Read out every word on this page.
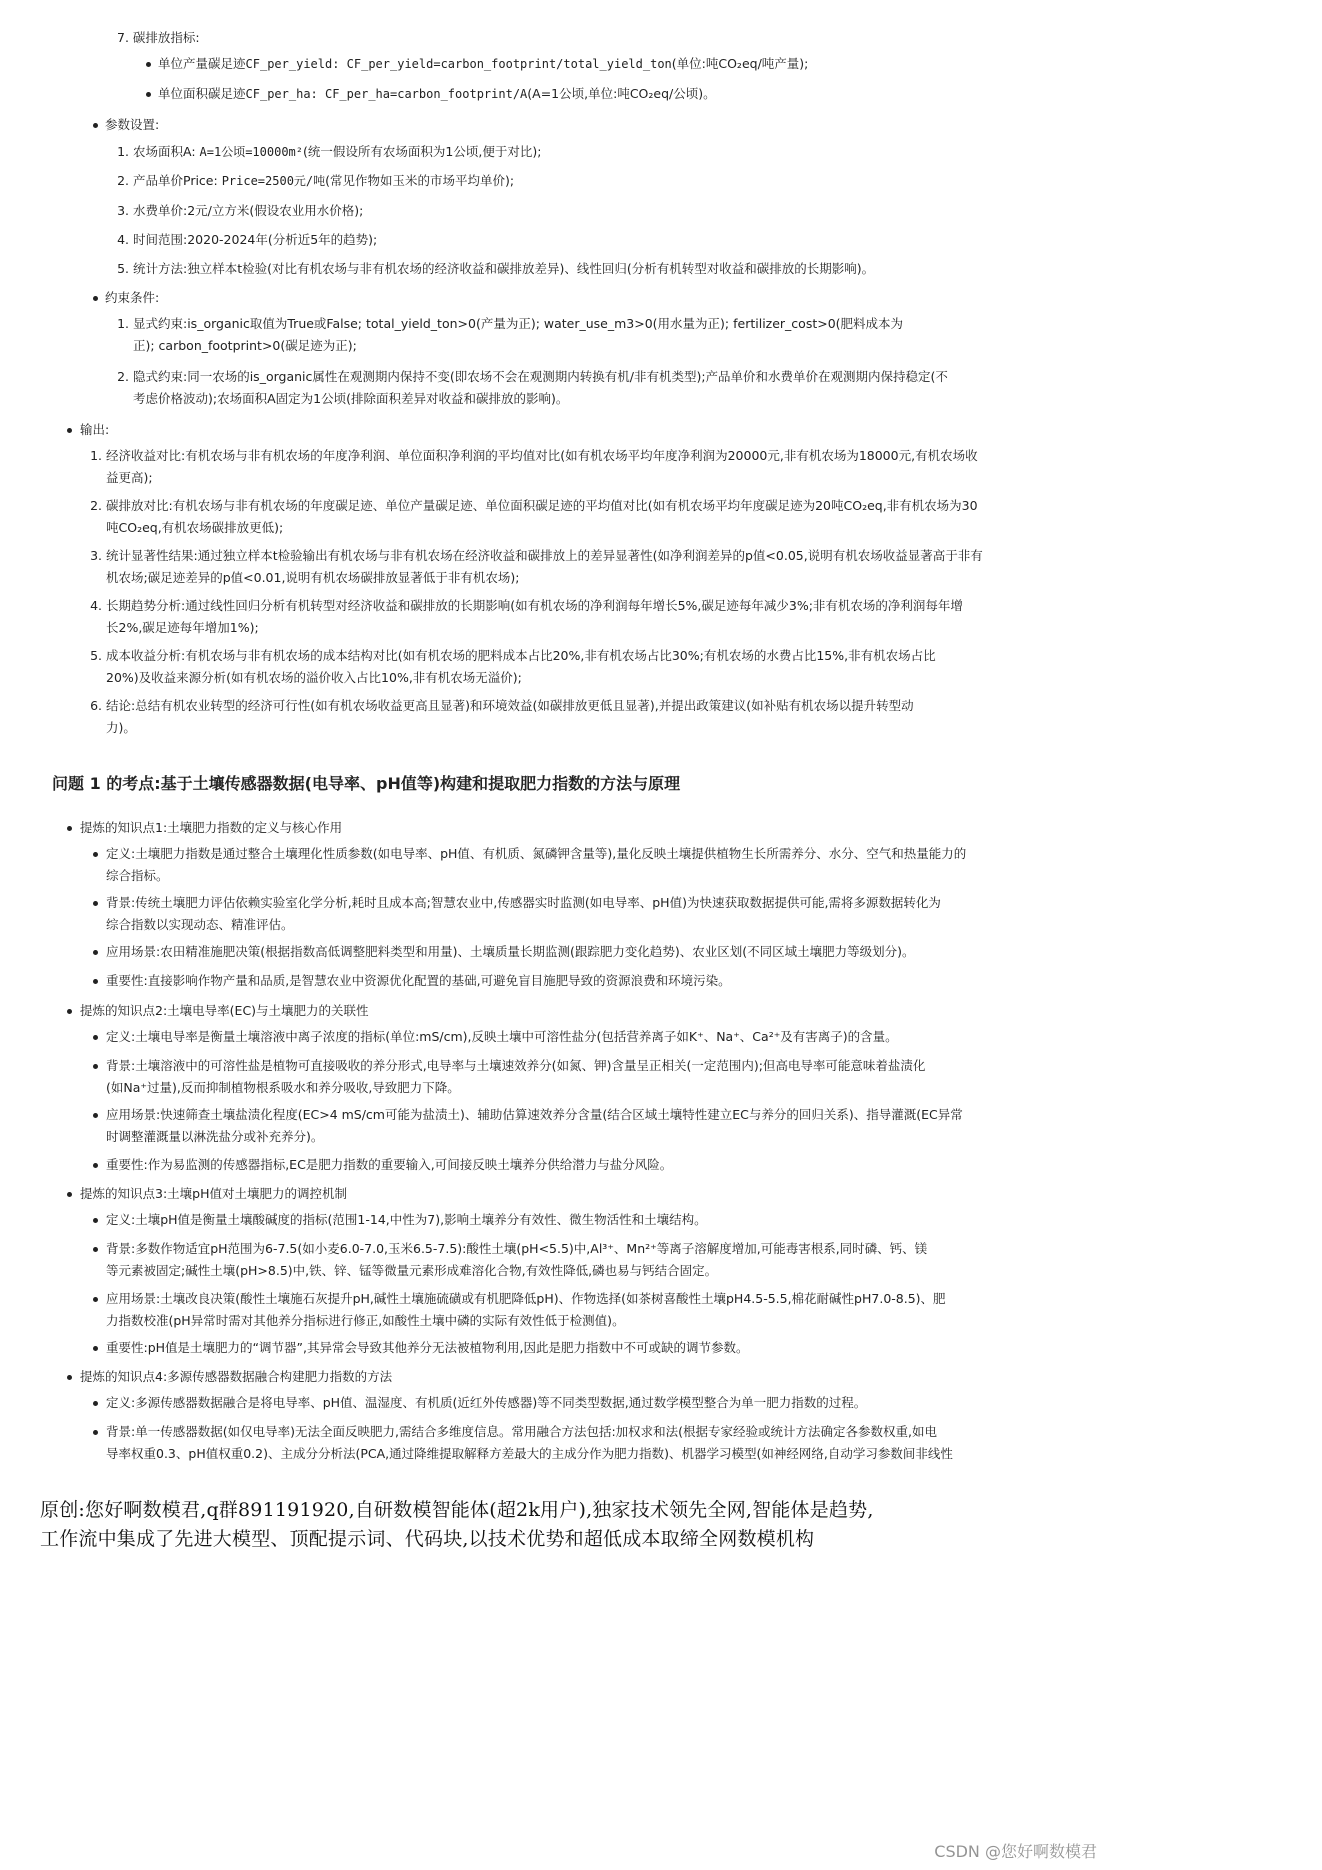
7. 碳排放指标:
单位产量碳足迹CF_per_yield: CF_per_yield=carbon_footprint/total_yield_ton(单位:吨CO₂eq/吨产量);
单位面积碳足迹CF_per_ha: CF_per_ha=carbon_footprint/A(A=1公顷,单位:吨CO₂eq/公顷)。
参数设置:
1. 农场面积A: A=1公顷=10000m²(统一假设所有农场面积为1公顷,便于对比);
2. 产品单价Price: Price=2500元/吨(常见作物如玉米的市场平均单价);
3. 水费单价:2元/立方米(假设农业用水价格);
4. 时间范围:2020-2024年(分析近5年的趋势);
5. 统计方法:独立样本t检验(对比有机农场与非有机农场的经济收益和碳排放差异)、线性回归(分析有机转型对收益和碳排放的长期影响)。
约束条件:
1. 显式约束:is_organic取值为True或False; total_yield_ton>0(产量为正); water_use_m3>0(用水量为正); fertilizer_cost>0(肥料成本为
正); carbon_footprint>0(碳足迹为正);
2. 隐式约束:同一农场的is_organic属性在观测期内保持不变(即农场不会在观测期内转换有机/非有机类型);产品单价和水费单价在观测期内保持稳定(不
考虑价格波动);农场面积A固定为1公顷(排除面积差异对收益和碳排放的影响)。
输出:
1. 经济收益对比:有机农场与非有机农场的年度净利润、单位面积净利润的平均值对比(如有机农场平均年度净利润为20000元,非有机农场为18000元,有机农场收
益更高);
2. 碳排放对比:有机农场与非有机农场的年度碳足迹、单位产量碳足迹、单位面积碳足迹的平均值对比(如有机农场平均年度碳足迹为20吨CO₂eq,非有机农场为30
吨CO₂eq,有机农场碳排放更低);
3. 统计显著性结果:通过独立样本t检验输出有机农场与非有机农场在经济收益和碳排放上的差异显著性(如净利润差异的p值<0.05,说明有机农场收益显著高于非有
机农场;碳足迹差异的p值<0.01,说明有机农场碳排放显著低于非有机农场);
4. 长期趋势分析:通过线性回归分析有机转型对经济收益和碳排放的长期影响(如有机农场的净利润每年增长5%,碳足迹每年减少3%;非有机农场的净利润每年增
长2%,碳足迹每年增加1%);
5. 成本收益分析:有机农场与非有机农场的成本结构对比(如有机农场的肥料成本占比20%,非有机农场占比30%;有机农场的水费占比15%,非有机农场占比
20%)及收益来源分析(如有机农场的溢价收入占比10%,非有机农场无溢价);
6. 结论:总结有机农业转型的经济可行性(如有机农场收益更高且显著)和环境效益(如碳排放更低且显著),并提出政策建议(如补贴有机农场以提升转型动
力)。
问题 1 的考点:基于土壤传感器数据(电导率、pH值等)构建和提取肥力指数的方法与原理
提炼的知识点1:土壤肥力指数的定义与核心作用
定义:土壤肥力指数是通过整合土壤理化性质参数(如电导率、pH值、有机质、氮磷钾含量等),量化反映土壤提供植物生长所需养分、水分、空气和热量能力的
综合指标。
背景:传统土壤肥力评估依赖实验室化学分析,耗时且成本高;智慧农业中,传感器实时监测(如电导率、pH值)为快速获取数据提供可能,需将多源数据转化为
综合指数以实现动态、精准评估。
应用场景:农田精准施肥决策(根据指数高低调整肥料类型和用量)、土壤质量长期监测(跟踪肥力变化趋势)、农业区划(不同区域土壤肥力等级划分)。
重要性:直接影响作物产量和品质,是智慧农业中资源优化配置的基础,可避免盲目施肥导致的资源浪费和环境污染。
提炼的知识点2:土壤电导率(EC)与土壤肥力的关联性
定义:土壤电导率是衡量土壤溶液中离子浓度的指标(单位:mS/cm),反映土壤中可溶性盐分(包括营养离子如K⁺、Na⁺、Ca²⁺及有害离子)的含量。
背景:土壤溶液中的可溶性盐是植物可直接吸收的养分形式,电导率与土壤速效养分(如氮、钾)含量呈正相关(一定范围内);但高电导率可能意味着盐渍化
(如Na⁺过量),反而抑制植物根系吸水和养分吸收,导致肥力下降。
应用场景:快速筛查土壤盐渍化程度(EC>4 mS/cm可能为盐渍土)、辅助估算速效养分含量(结合区域土壤特性建立EC与养分的回归关系)、指导灌溉(EC异常
时调整灌溉量以淋洗盐分或补充养分)。
重要性:作为易监测的传感器指标,EC是肥力指数的重要输入,可间接反映土壤养分供给潜力与盐分风险。
提炼的知识点3:土壤pH值对土壤肥力的调控机制
定义:土壤pH值是衡量土壤酸碱度的指标(范围1-14,中性为7),影响土壤养分有效性、微生物活性和土壤结构。
背景:多数作物适宜pH范围为6-7.5(如小麦6.0-7.0,玉米6.5-7.5):酸性土壤(pH<5.5)中,Al³⁺、Mn²⁺等离子溶解度增加,可能毒害根系,同时磷、钙、镁
等元素被固定;碱性土壤(pH>8.5)中,铁、锌、锰等微量元素形成难溶化合物,有效性降低,磷也易与钙结合固定。
应用场景:土壤改良决策(酸性土壤施石灰提升pH,碱性土壤施硫磺或有机肥降低pH)、作物选择(如茶树喜酸性土壤pH4.5-5.5,棉花耐碱性pH7.0-8.5)、肥
力指数校准(pH异常时需对其他养分指标进行修正,如酸性土壤中磷的实际有效性低于检测值)。
重要性:pH值是土壤肥力的“调节器”,其异常会导致其他养分无法被植物利用,因此是肥力指数中不可或缺的调节参数。
提炼的知识点4:多源传感器数据融合构建肥力指数的方法
定义:多源传感器数据融合是将电导率、pH值、温湿度、有机质(近红外传感器)等不同类型数据,通过数学模型整合为单一肥力指数的过程。
背景:单一传感器数据(如仅电导率)无法全面反映肥力,需结合多维度信息。常用融合方法包括:加权求和法(根据专家经验或统计方法确定各参数权重,如电
导率权重0.3、pH值权重0.2)、主成分分析法(PCA,通过降维提取解释方差最大的主成分作为肥力指数)、机器学习模型(如神经网络,自动学习参数间非线性
原创:您好啊数模君,q群891191920,自研数模智能体(超2k用户),独家技术领先全网,智能体是趋势,
工作流中集成了先进大模型、顶配提示词、代码块,以技术优势和超低成本取缔全网数模机构
CSDN @您好啊数模君
